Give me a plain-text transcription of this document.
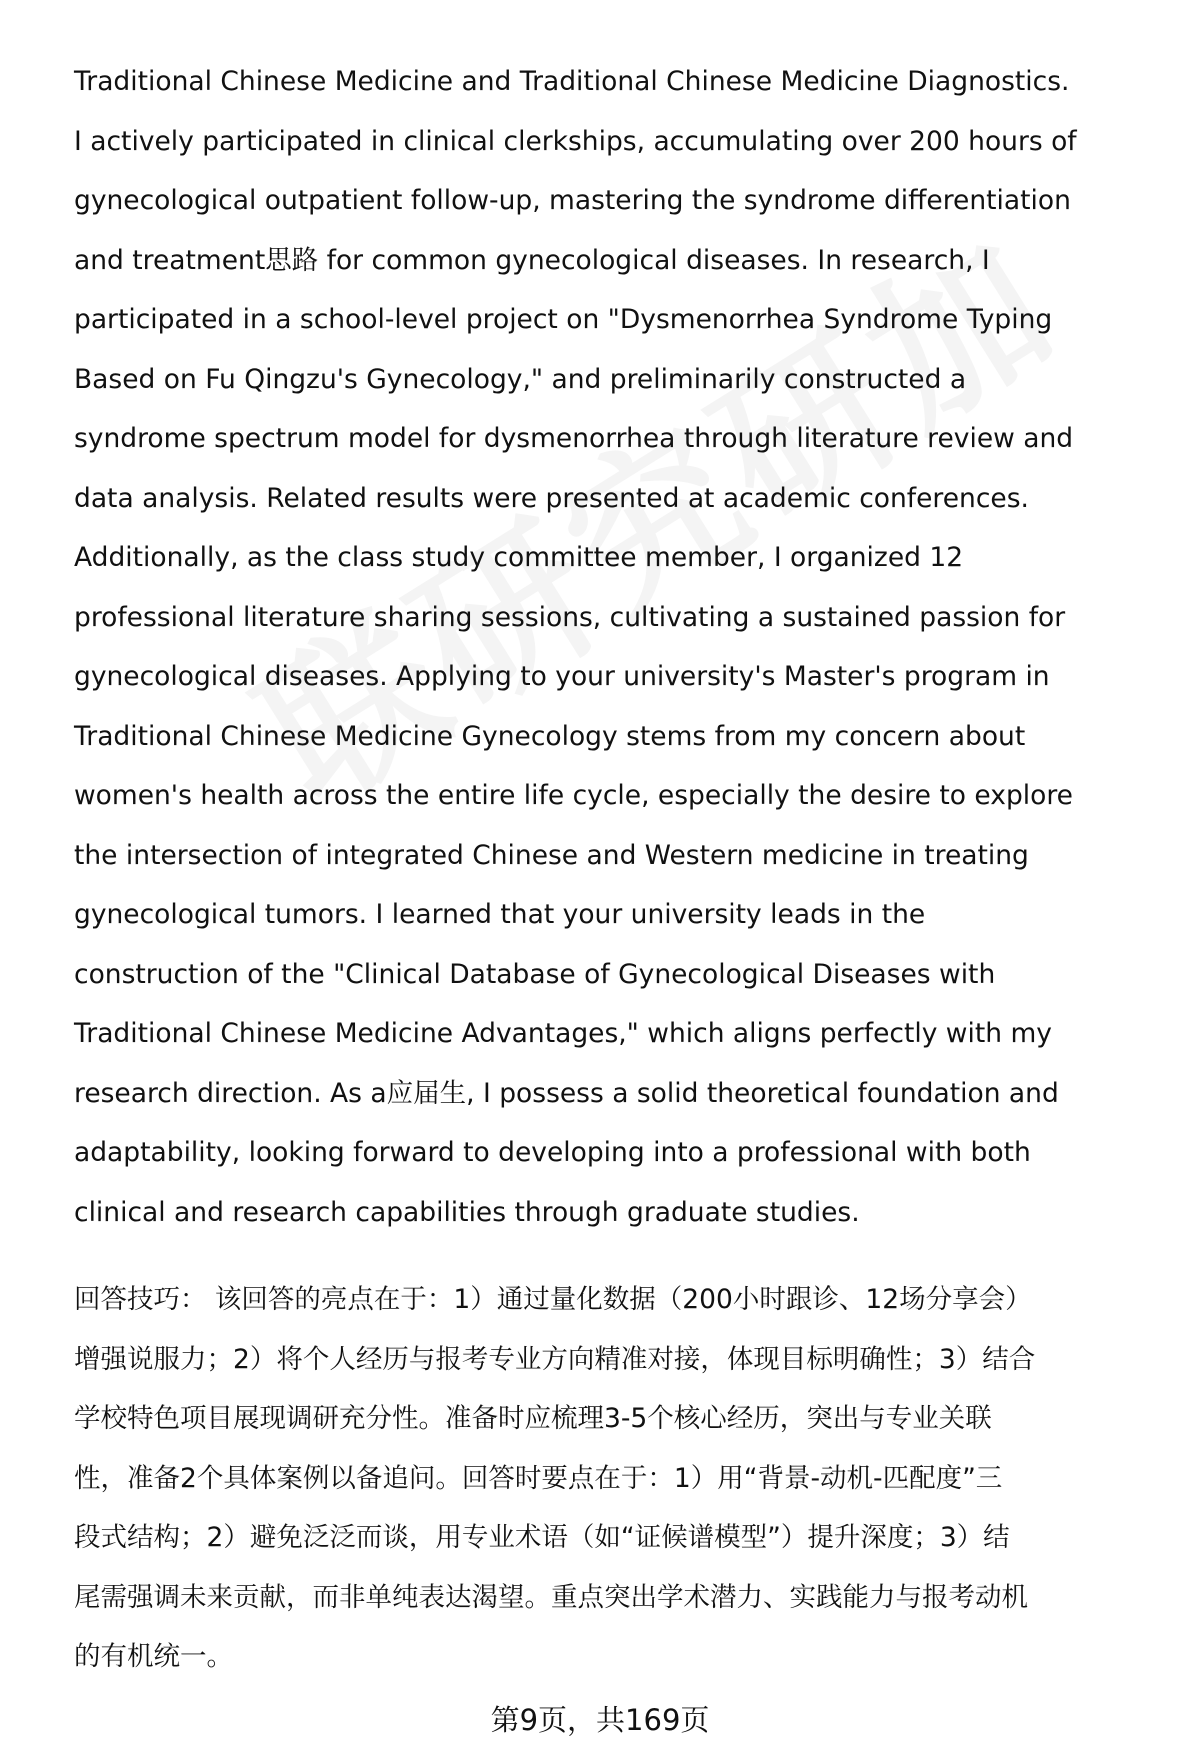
Traditional Chinese Medicine and Traditional Chinese Medicine Diagnostics.
I actively participated in clinical clerkships, accumulating over 200 hours of
gynecological outpatient follow-up, mastering the syndrome differentiation
and treatment思路 for common gynecological diseases. In research, I
participated in a school-level project on "Dysmenorrhea Syndrome Typing
Based on Fu Qingzu's Gynecology," and preliminarily constructed a
syndrome spectrum model for dysmenorrhea through literature review and
data analysis. Related results were presented at academic conferences.
Additionally, as the class study committee member, I organized 12
professional literature sharing sessions, cultivating a sustained passion for
gynecological diseases. Applying to your university's Master's program in
Traditional Chinese Medicine Gynecology stems from my concern about
women's health across the entire life cycle, especially the desire to explore
the intersection of integrated Chinese and Western medicine in treating
gynecological tumors. I learned that your university leads in the
construction of the "Clinical Database of Gynecological Diseases with
Traditional Chinese Medicine Advantages," which aligns perfectly with my
research direction. As a应届生, I possess a solid theoretical foundation and
adaptability, looking forward to developing into a professional with both
clinical and research capabilities through graduate studies.

回答技巧： 该回答的亮点在于：1）通过量化数据（200小时跟诊、12场分享会）
增强说服力；2）将个人经历与报考专业方向精准对接，体现目标明确性；3）结合
学校特色项目展现调研充分性。准备时应梳理3-5个核心经历，突出与专业关联
性，准备2个具体案例以备追问。回答时要点在于：1）用“背景-动机-匹配度”三
段式结构；2）避免泛泛而谈，用专业术语（如“证候谱模型”）提升深度；3）结
尾需强调未来贡献，而非单纯表达渴望。重点突出学术潜力、实践能力与报考动机
的有机统一。

第9页，共169页
